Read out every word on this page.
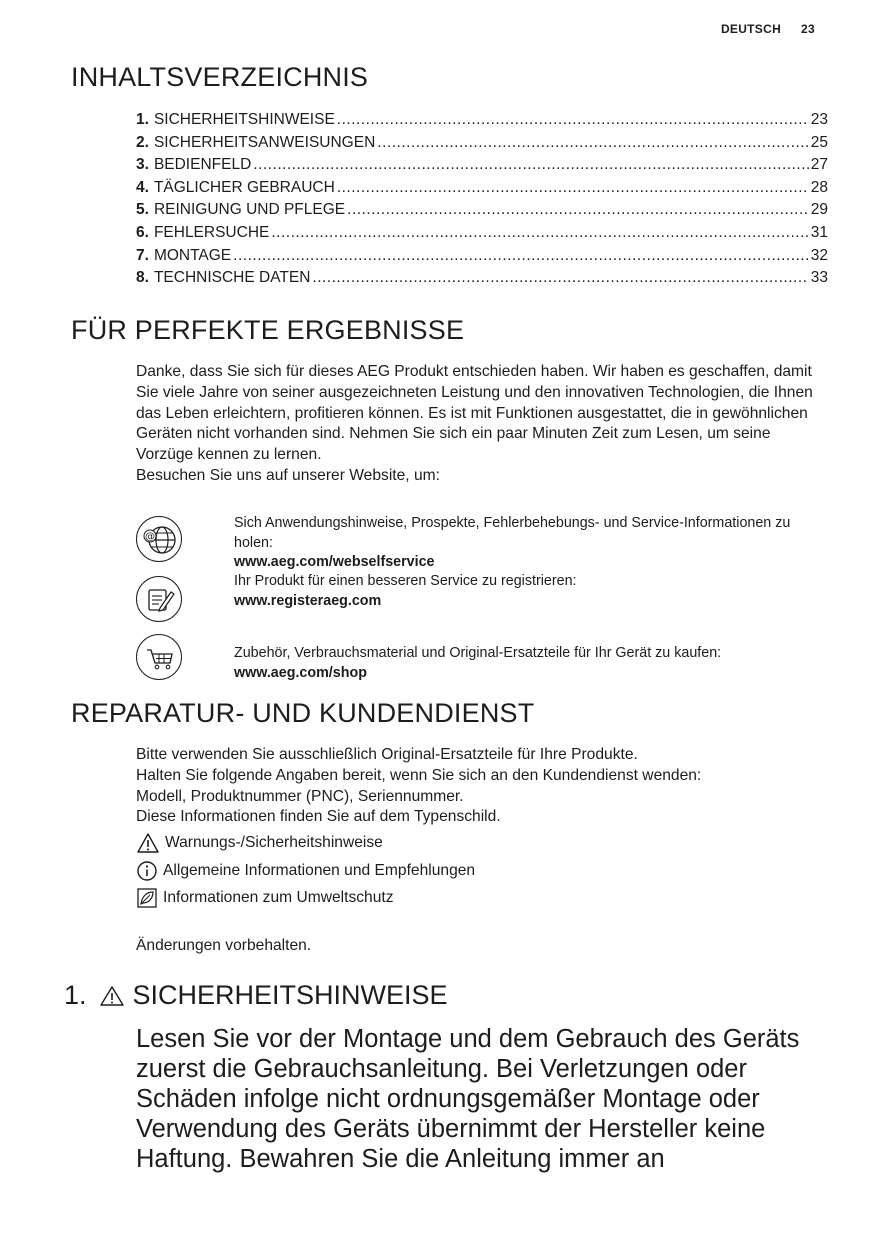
DEUTSCH 23
INHALTSVERZEICHNIS
1. SICHERHEITSHINWEISE .....	23
2. SICHERHEITSANWEISUNGEN .....	25
3. BEDIENFELD .....	27
4. TÄGLICHER GEBRAUCH .....	28
5. REINIGUNG UND PFLEGE .....	29
6. FEHLERSUCHE .....	31
7. MONTAGE .....	32
8. TECHNISCHE DATEN .....	33
FÜR PERFEKTE ERGEBNISSE

Danke, dass Sie sich für dieses AEG Produkt entschieden haben. Wir haben es geschaffen, damit Sie viele Jahre von seiner ausgezeichneten Leistung und den innovativen Technologien, die Ihnen das Leben erleichtern, profitieren können. Es ist mit Funktionen ausgestattet, die in gewöhnlichen Geräten nicht vorhanden sind. Nehmen Sie sich ein paar Minuten Zeit zum Lesen, um seine Vorzüge kennen zu lernen.

Besuchen Sie uns auf unserer Website, um:

@
Sich Anwendungshinweise, Prospekte, Fehlerbehebungs- und Service-Informationen zu holen:
www.aeg.com/webselfservice
Ihr Produkt für einen besseren Service zu registrieren:
www.registeraeg.com
Zubehör, Verbrauchsmaterial und Original-Ersatzteile für Ihr Gerät zu kaufen:
www.aeg.com/shop
REPARATUR- UND KUNDENDIENST

Bitte verwenden Sie ausschließlich Original-Ersatzteile für Ihre Produkte.

Halten Sie folgende Angaben bereit, wenn Sie sich an den Kundendienst wenden: Modell, Produktnummer (PNC), Seriennummer.

Diese Informationen finden Sie auf dem Typenschild.

Warnungs-/Sicherheitshinweise
Allgemeine Informationen und Empfehlungen
Informationen zum Umweltschutz

Änderungen vorbehalten.

1. SICHERHEITSHINWEISE
Lesen Sie vor der Montage und dem Gebrauch des Geräts zuerst die Gebrauchsanleitung. Bei Verletzungen oder Schäden infolge nicht ordnungsgemäßer Montage oder Verwendung des Geräts übernimmt der Hersteller keine Haftung. Bewahren Sie die Anleitung immer an
